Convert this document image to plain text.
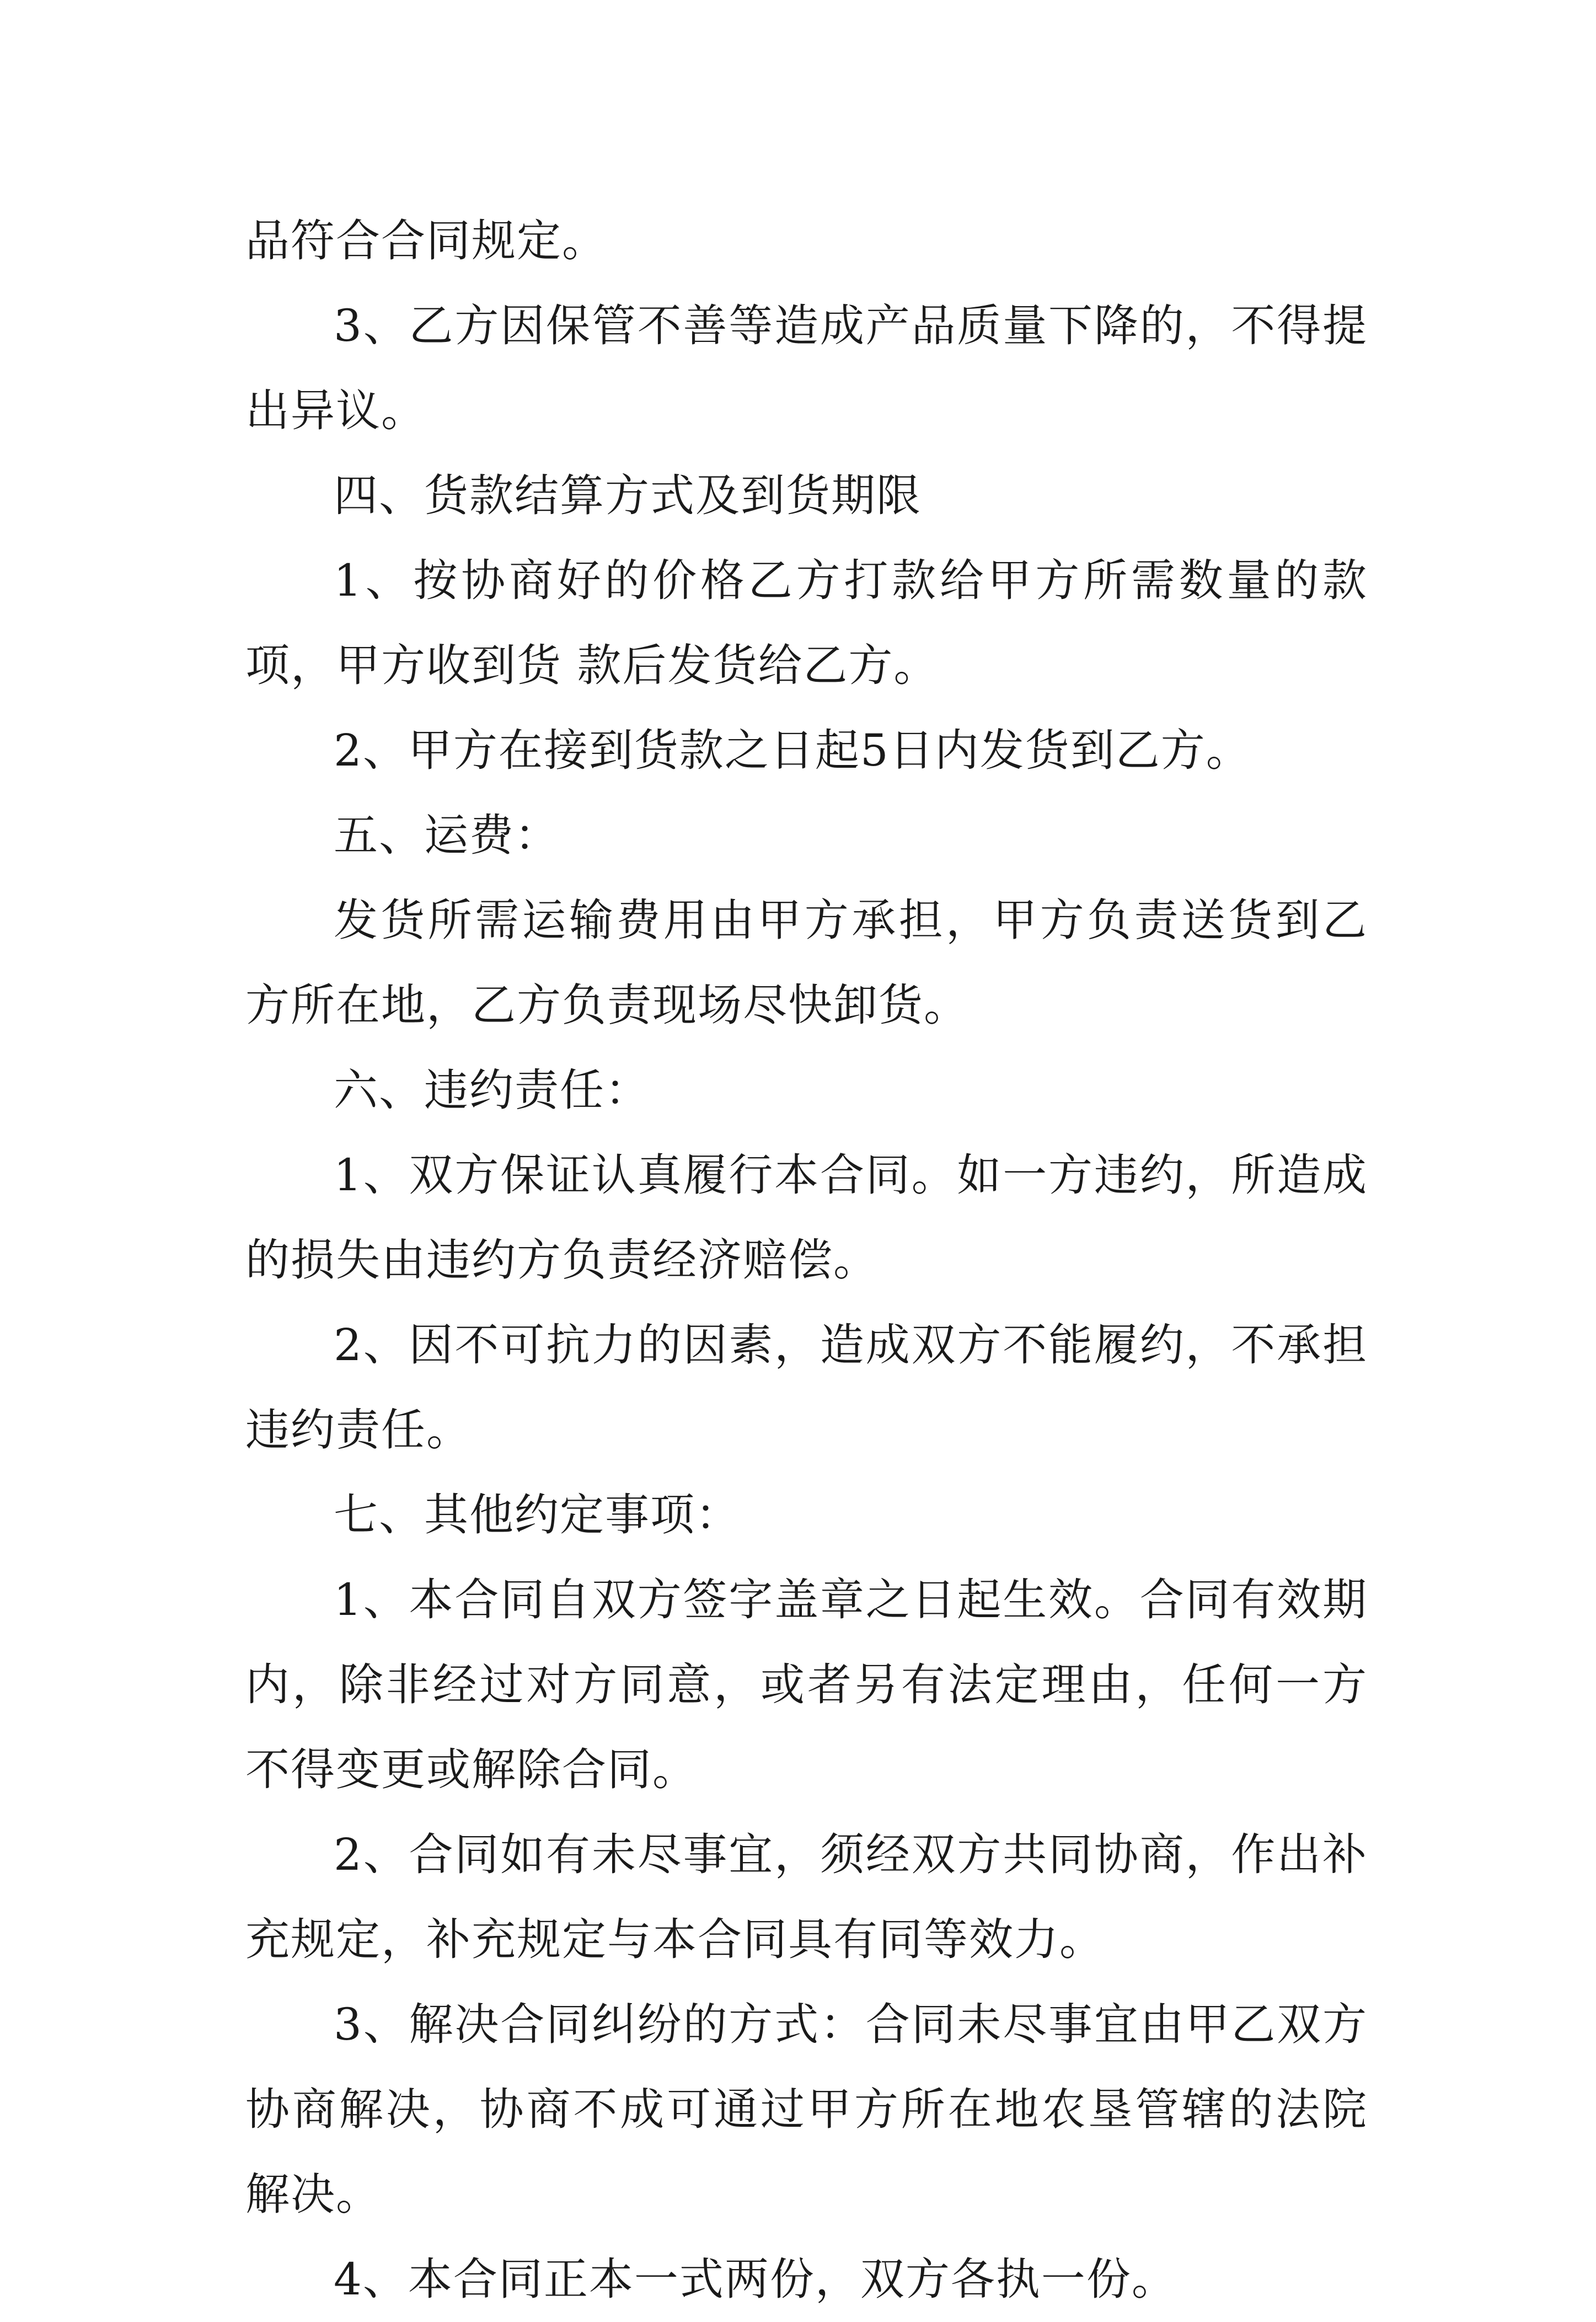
品符合合同规定。

3、乙方因保管不善等造成产品质量下降的，不得提出异议。

四、货款结算方式及到货期限

1、按协商好的价格乙方打款给甲方所需数量的款项，甲方收到货 款后发货给乙方。

2、甲方在接到货款之日起5日内发货到乙方。

五、运费：

发货所需运输费用由甲方承担，甲方负责送货到乙方所在地，乙方负责现场尽快卸货。

六、违约责任：

1、双方保证认真履行本合同。如一方违约，所造成的损失由违约方负责经济赔偿。

2、因不可抗力的因素，造成双方不能履约，不承担违约责任。

七、其他约定事项：

1、本合同自双方签字盖章之日起生效。合同有效期内，除非经过对方同意，或者另有法定理由，任何一方不得变更或解除合同。

2、合同如有未尽事宜，须经双方共同协商，作出补充规定，补充规定与本合同具有同等效力。

3、解决合同纠纷的方式：合同未尽事宜由甲乙双方协商解决，协商不成可通过甲方所在地农垦管辖的法院解决。

4、本合同正本一式两份，双方各执一份。
